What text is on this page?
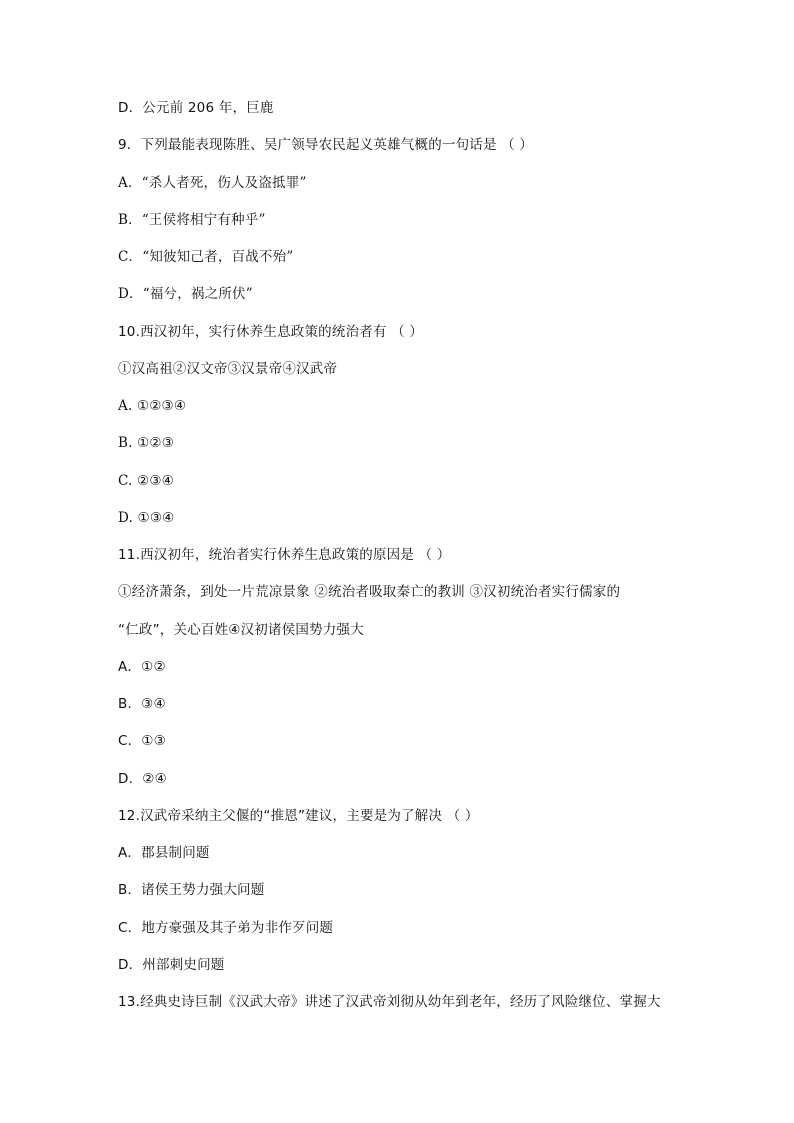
D．公元前 206 年，巨鹿
9．下列最能表现陈胜、吴广领导农民起义英雄气概的一句话是 （ ）
A．“杀人者死，伤人及盗抵罪”
B．“王侯将相宁有种乎”
C．“知彼知己者，百战不殆”
D．“福兮，祸之所伏”
10.西汉初年，实行休养生息政策的统治者有 （ ）
①汉高祖②汉文帝③汉景帝④汉武帝
A. ①②③④
B. ①②③
C. ②③④
D. ①③④
11.西汉初年，统治者实行休养生息政策的原因是 （ ）
①经济萧条，到处一片荒凉景象 ②统治者吸取秦亡的教训 ③汉初统治者实行儒家的
“仁政”，关心百姓④汉初诸侯国势力强大
A．①②
B．③④
C．①③
D．②④
12.汉武帝采纳主父偃的“推恩”建议，主要是为了解决 （ ）
A．郡县制问题
B．诸侯王势力强大问题
C．地方豪强及其子弟为非作歹问题
D．州部刺史问题
13.经典史诗巨制《汉武大帝》讲述了汉武帝刘彻从幼年到老年，经历了风险继位、掌握大
